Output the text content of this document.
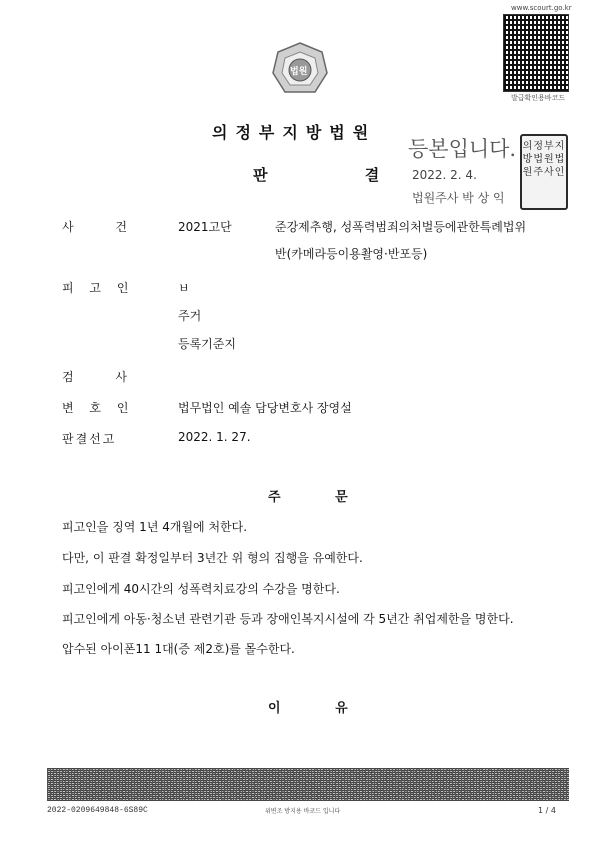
www.scourt.go.kr
발급확인용바코드
법원
의정부지방법원
판 결
등본입니다.
2022. 2. 4.
법원주사 박 상 익
의정부지
방법원법
원주사인
사 건
피 고 인
검 사
변 호 인
판결선고
2021고단	준강제추행, 성폭력범죄의처벌등에관한특례법위
반(카메라등이용촬영·반포등)
ㅂ
주거
등록기준지
법무법인 예솔 담당변호사 장영설
2022. 1. 27.
주 문
피고인을 징역 1년 4개월에 처한다.
다만, 이 판결 확정일부터 3년간 위 형의 집행을 유예한다.
피고인에게 40시간의 성폭력치료강의 수강을 명한다.
피고인에게 아동·청소년 관련기관 등과 장애인복지시설에 각 5년간 취업제한을 명한다.
압수된 아이폰11 1대(증 제2호)를 몰수한다.
이 유
위변조 방지용 바코드 입니다
2022-0209649848-6S89C	1 / 4
